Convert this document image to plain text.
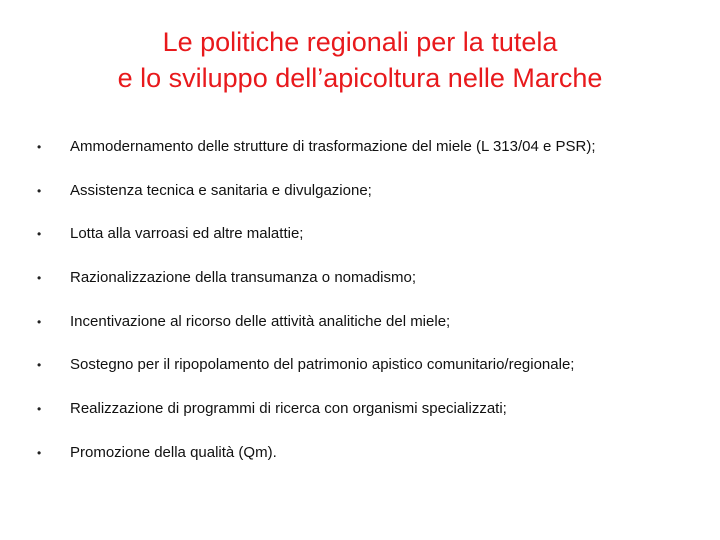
Le politiche regionali per la tutela
e lo sviluppo dell’apicoltura nelle Marche
• Ammodernamento delle strutture di trasformazione del miele (L 313/04 e PSR);
• Assistenza tecnica e sanitaria e divulgazione;
• Lotta alla varroasi ed altre malattie;
• Razionalizzazione della transumanza o nomadismo;
• Incentivazione al ricorso delle attività analitiche del miele;
• Sostegno per il ripopolamento del patrimonio apistico comunitario/regionale;
• Realizzazione di programmi di ricerca con organismi specializzati;
• Promozione della qualità (Qm).
